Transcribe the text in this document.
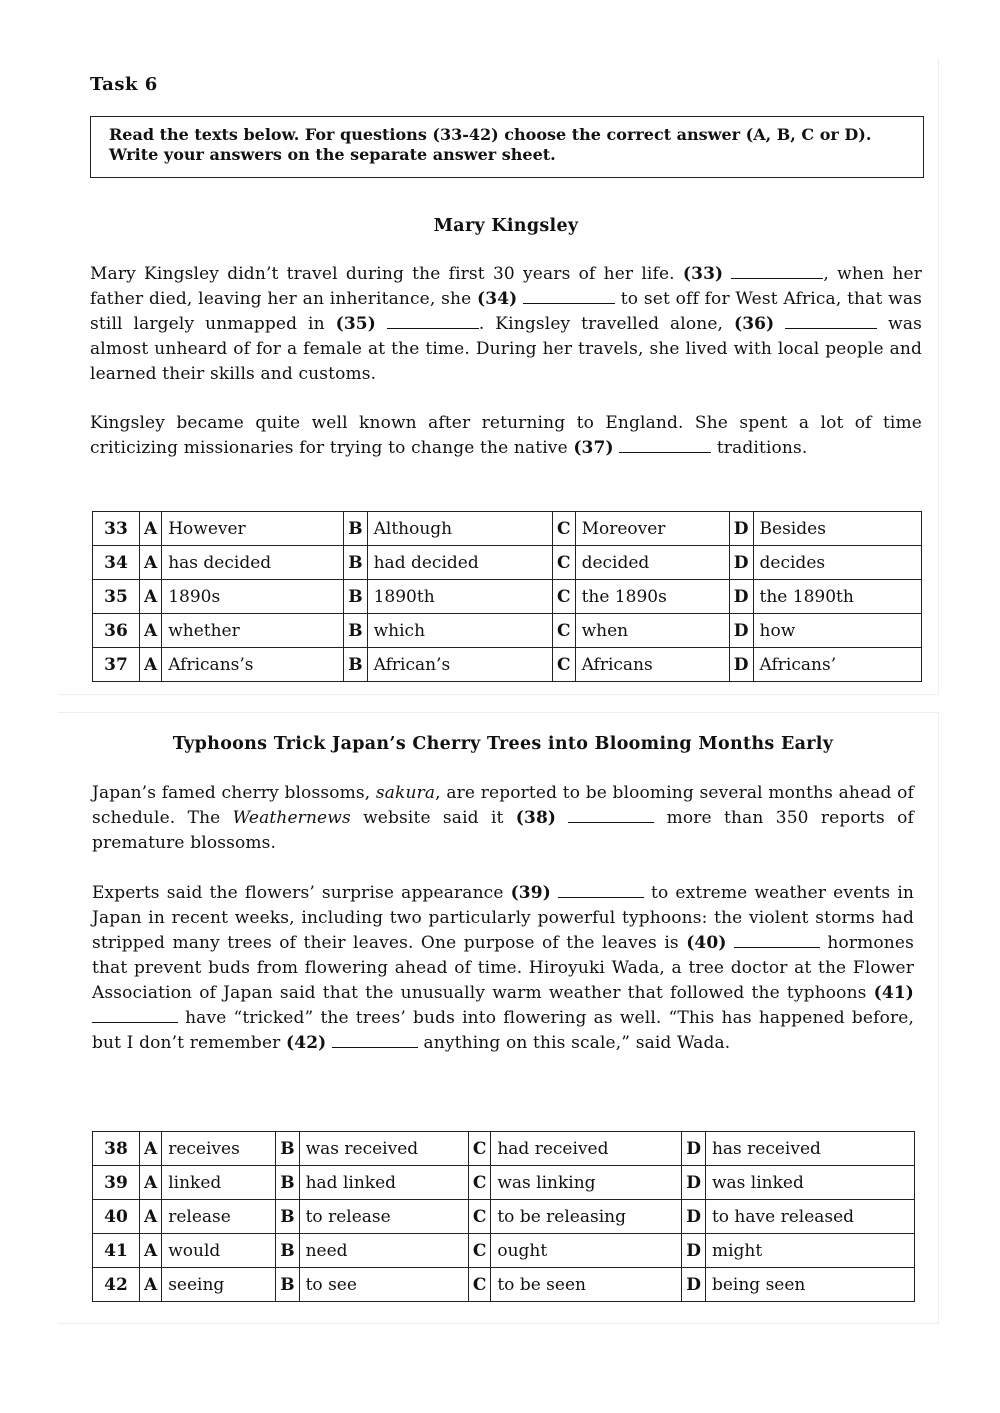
Task 6
Read the texts below. For questions (33-42) choose the correct answer (A, B, C or D).
Write your answers on the separate answer sheet.
Mary Kingsley
Mary Kingsley didn’t travel during the first 30 years of her life. (33)	, when her father died, leaving her an inheritance, she (34)	to set off for West Africa, that was still largely unmapped in (35)	. Kingsley travelled alone, (36)	was almost unheard of for a female at the time. During her travels, she lived with local people and learned their skills and customs.
Kingsley became quite well known after returning to England. She spent a lot of time criticizing missionaries for trying to change the native (37)	traditions.
33	A	However	B	Although	C	Moreover	D	Besides
34	A	has decided	B	had decided	C	decided	D	decides
35	A	1890s	B	1890th	C	the 1890s	D	the 1890th
36	A	whether	B	which	C	when	D	how
37	A	Africans’s	B	African’s	C	Africans	D	Africans’
Typhoons Trick Japan’s Cherry Trees into Blooming Months Early
Japan’s famed cherry blossoms, sakura, are reported to be blooming several months ahead of schedule. The Weathernews website said it (38)	more than 350 reports of premature blossoms.
Experts said the flowers’ surprise appearance (39)	to extreme weather events in Japan in recent weeks, including two particularly powerful typhoons: the violent storms had stripped many trees of their leaves. One purpose of the leaves is (40)	hormones that prevent buds from flowering ahead of time. Hiroyuki Wada, a tree doctor at the Flower Association of Japan said that the unusually warm weather that followed the typhoons (41)  have “tricked” the trees’ buds into flowering as well. “This has happened before, but I don’t remember (42)	anything on this scale,” said Wada.
38	A	receives	B	was received	C	had received	D	has received
39	A	linked	B	had linked	C	was linking	D	was linked
40	A	release	B	to release	C	to be releasing	D	to have released
41	A	would	B	need	C	ought	D	might
42	A	seeing	B	to see	C	to be seen	D	being seen
